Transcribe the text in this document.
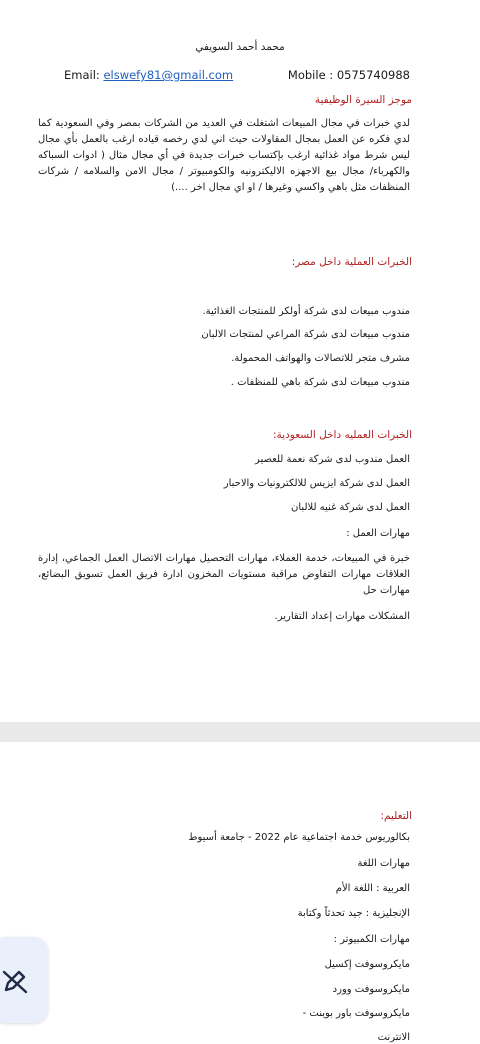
محمد أحمد السويفي
Email: elswefy81@gmail.com	Mobile : 0575740988
موجز السيرة الوظيفية
لدي خبرات في مجال المبيعات اشتغلت في العديد من الشركات بمصر وفي السعودية كما لدي فكره عن العمل بمجال المقاولات حيث اني لدي رخصه قياده ارغب بالعمل بأي مجال ليس شرط مواد غذائية ارغب بإكتساب خبرات جديدة في أي مجال مثال ( ادوات السباكه والكهرباء/ مجال بيع الاجهزه الاليكترونيه والكومبيوتر / مجال الامن والسلامه / شركات المنظفات مثل باهي واكسي وغيرها / او اي مجال اخر ....)
الخبرات العملية داخل مصر:
مندوب مبيعات لدى شركة أولكر للمنتجات الغذائية.
مندوب مبيعات لدى شركة المراعي لمنتجات الالبان
مشرف متجر للاتصالات والهواتف المحمولة.
مندوب مبيعات لدى شركة باهي للمنظفات .
الخبرات العمليه داخل السعودية:
العمل مندوب لدى شركة نعمة للعصير
العمل لدى شركة ايزيس للالكترونيات والاحبار
العمل لدى شركة غنيه للالبان
مهارات العمل :
خبرة في المبيعات، خدمة العملاء، مهارات التحصيل مهارات الاتصال العمل الجماعي، إدارة العلاقات مهارات التفاوض مراقبة مستويات المخزون ادارة فريق العمل تسويق البضائع، مهارات حل
المشكلات مهارات إعداد التقارير.
التعليم:
بكالوريوس خدمة اجتماعية عام 2022 - جامعة أسيوط
مهارات اللغة
العربية : اللغة الأم
الإنجليزية : جيد تحدثاً وكتابة
مهارات الكمبيوتر :
مايكروسوفت إكسيل
مايكروسوفت وورد
مايكروسوفت باور بوينت -
الانترنت
